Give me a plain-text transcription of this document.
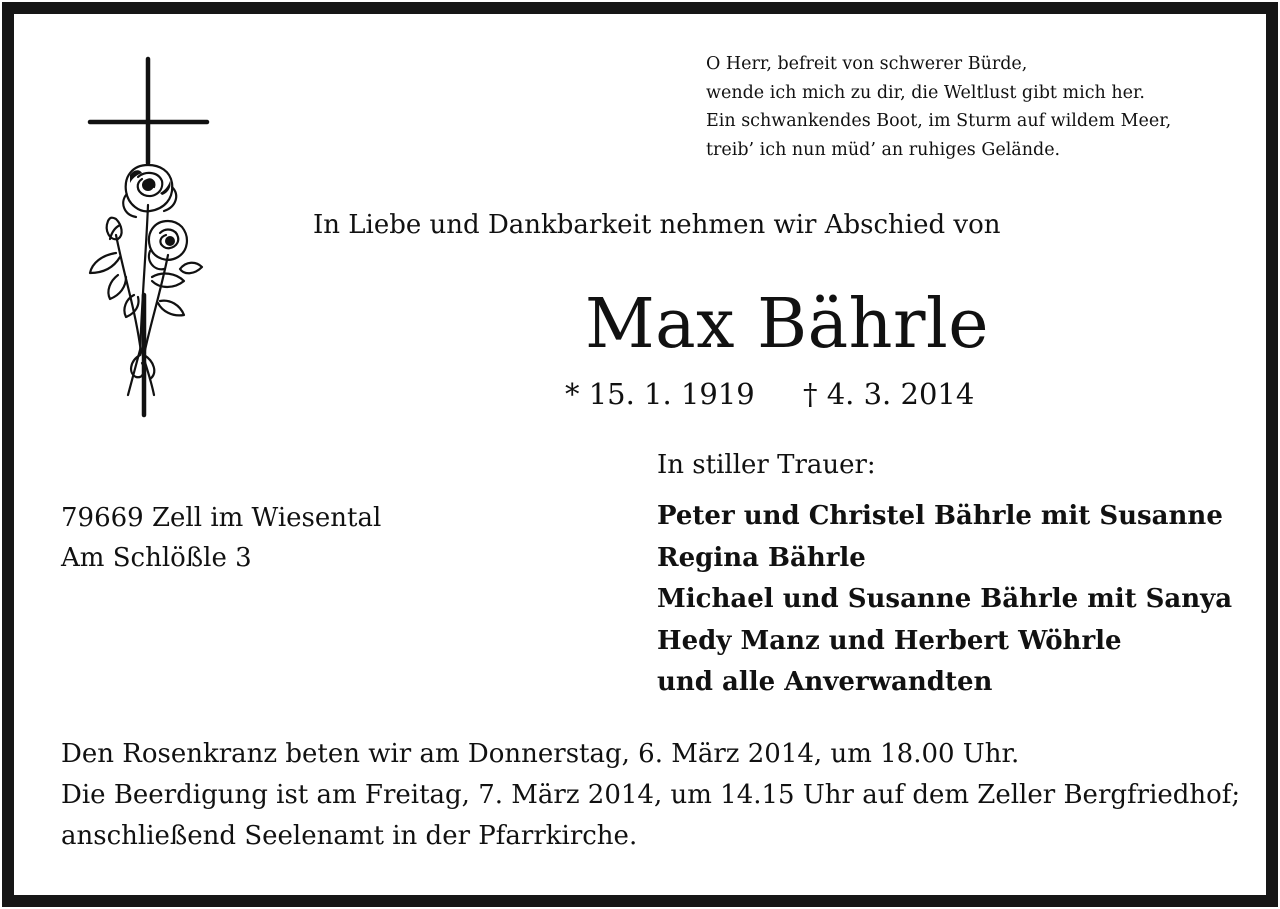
O Herr, befreit von schwerer Bürde,
wende ich mich zu dir, die Weltlust gibt mich her.
Ein schwankendes Boot, im Sturm auf wildem Meer,
treib’ ich nun müd’ an ruhiges Gelände.
In Liebe und Dankbarkeit nehmen wir Abschied von
Max Bährle
* 15. 1. 1919 † 4. 3. 2014
79669 Zell im Wiesental
Am Schlößle 3
In stiller Trauer:
Peter und Christel Bährle mit Susanne
Regina Bährle
Michael und Susanne Bährle mit Sanya
Hedy Manz und Herbert Wöhrle
und alle Anverwandten
Den Rosenkranz beten wir am Donnerstag, 6. März 2014, um 18.00 Uhr.
Die Beerdigung ist am Freitag, 7. März 2014, um 14.15 Uhr auf dem Zeller Bergfriedhof;
anschließend Seelenamt in der Pfarrkirche.
